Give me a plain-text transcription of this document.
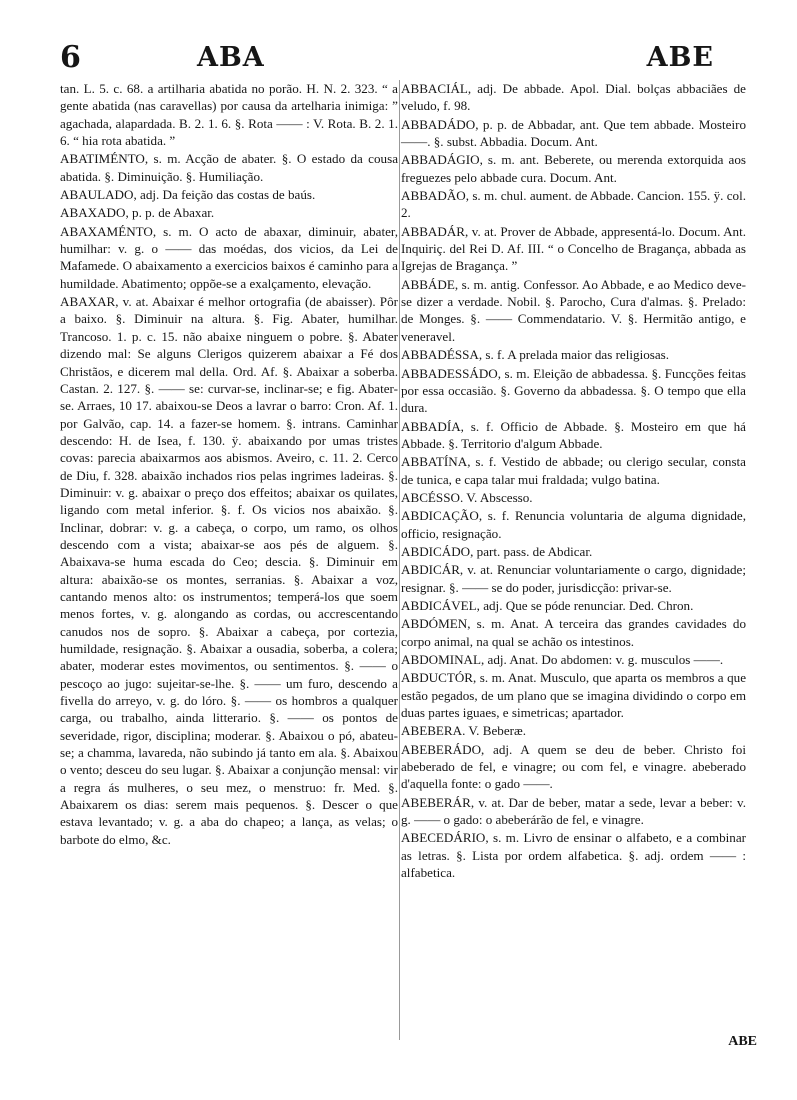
6	ABA	ABE

tan. L. 5. c. 68. a artilharia abatida no porão. H. N. 2. 323. “ a gente abatida (nas caravellas) por causa da artelharia inimiga: ” agachada, alapardada. B. 2. 1. 6. §. Rota —— : V. Rota. B. 2. 1. 6. “ hia rota abatida. ”

ABATIMÉNTO, s. m. Acção de abater. §. O estado da cousa abatida. §. Diminuição. §. Humiliação.

ABAULADO, adj. Da feição das costas de baús.

ABAXADO, p. p. de Abaxar.

ABAXAMÉNTO, s. m. O acto de abaxar, diminuir, abater, humilhar: v. g. o —— das moédas, dos vicios, da Lei de Mafamede. O abaixamento a exercicios baixos é caminho para a humildade. Abatimento; oppõe-se a exalçamento, elevação.

ABAXAR, v. at. Abaixar é melhor ortografia (de abaisser). Pôr a baixo. §. Diminuir na altura. §. Fig. Abater, humilhar. Trancoso. 1. p. c. 15. não abaixe ninguem o pobre. §. Abater dizendo mal: Se alguns Clerigos quizerem abaixar a Fé dos Christãos, e dicerem mal della. Ord. Af. §. Abaixar a soberba. Castan. 2. 127. §. —— se: curvar-se, inclinar-se; e fig. Abater-se. Arraes, 10 17. abaixou-se Deos a lavrar o barro: Cron. Af. 1. por Galvão, cap. 14. a fazer-se homem. §. intrans. Caminhar descendo: H. de Isea, f. 130. ÿ. abaixando por umas tristes covas: parecia abaixarmos aos abismos. Aveiro, c. 11. 2. Cerco de Diu, f. 328. abaixão inchados rios pelas ingrimes ladeiras. §. Diminuir: v. g. abaixar o preço dos effeitos; abaixar os quilates, ligando com metal inferior. §. f. Os vicios nos abaixão. §. Inclinar, dobrar: v. g. a cabeça, o corpo, um ramo, os olhos descendo com a vista; abaixar-se aos pés de alguem. §. Abaixava-se huma escada do Ceo; descia. §. Diminuir em altura: abaixão-se os montes, serranias. §. Abaixar a voz, cantando menos alto: os instrumentos; temperá-los que soem menos fortes, v. g. alongando as cordas, ou accrescentando canudos nos de sopro. §. Abaixar a cabeça, por cortezia, humildade, resignação. §. Abaixar a ousadia, soberba, a colera; abater, moderar estes movimentos, ou sentimentos. §. —— o pescoço ao jugo: sujeitar-se-lhe. §. —— um furo, descendo a fivella do arreyo, v. g. do lóro. §. —— os hombros a qualquer carga, ou trabalho, ainda litterario. §. —— os pontos de severidade, rigor, disciplina; moderar. §. Abaixou o pó, abateu-se; a chamma, lavareda, não subindo já tanto em ala. §. Abaixou o vento; desceu do seu lugar. §. Abaixar a conjunção mensal: vir a regra ás mulheres, o seu mez, o menstruo: fr. Med. §. Abaixarem os dias: serem mais pequenos. §. Descer o que estava levantado; v. g. a aba do chapeo; a lança, as velas; o barbote do elmo, &c.

ABBACIÁL, adj. De abbade. Apol. Dial. bolças abbaciães de veludo, f. 98.

ABBADÁDO, p. p. de Abbadar, ant. Que tem abbade. Mosteiro ——. §. subst. Abbadia. Docum. Ant.

ABBADÁGIO, s. m. ant. Beberete, ou merenda extorquida aos freguezes pelo abbade cura. Docum. Ant.

ABBADÃO, s. m. chul. aument. de Abbade. Cancion. 155. ÿ. col. 2.

ABBADÁR, v. at. Prover de Abbade, appresentá-lo. Docum. Ant. Inquiriç. del Rei D. Af. III. “ o Concelho de Bragança, abbada as Igrejas de Bragança. ”

ABBÁDE, s. m. antig. Confessor. Ao Abbade, e ao Medico deve-se dizer a verdade. Nobil. §. Parocho, Cura d'almas. §. Prelado: de Monges. §. —— Commendatario. V. §. Hermitão antigo, e veneravel.

ABBADÉSSA, s. f. A prelada maior das religiosas.

ABBADESSÁDO, s. m. Eleição de abbadessa. §. Funcções feitas por essa occasião. §. Governo da abbadessa. §. O tempo que ella dura.

ABBADÍA, s. f. Officio de Abbade. §. Mosteiro em que há Abbade. §. Territorio d'algum Abbade.

ABBATÍNA, s. f. Vestido de abbade; ou clerigo secular, consta de tunica, e capa talar mui fraldada; vulgo batina.

ABCÉSSO. V. Abscesso.

ABDICAÇÃO, s. f. Renuncia voluntaria de alguma dignidade, officio, resignação.

ABDICÁDO, part. pass. de Abdicar.

ABDICÁR, v. at. Renunciar voluntariamente o cargo, dignidade; resignar. §. —— se do poder, jurisdicção: privar-se.

ABDICÁVEL, adj. Que se póde renunciar. Ded. Chron.

ABDÓMEN, s. m. Anat. A terceira das grandes cavidades do corpo animal, na qual se achão os intestinos.

ABDOMINAL, adj. Anat. Do abdomen: v. g. musculos ——.

ABDUCTÓR, s. m. Anat. Musculo, que aparta os membros a que estão pegados, de um plano que se imagina dividindo o corpo em duas partes iguaes, e simetricas; apartador.

ABEBERA. V. Beberæ.

ABEBERÁDO, adj. A quem se deu de beber. Christo foi abeberado de fel, e vinagre; ou com fel, e vinagre. abeberado d'aquella fonte: o gado ——.

ABEBERÁR, v. at. Dar de beber, matar a sede, levar a beber: v. g. —— o gado: o abeberárão de fel, e vinagre.

ABECEDÁRIO, s. m. Livro de ensinar o alfabeto, e a combinar as letras. §. Lista por ordem alfabetica. §. adj. ordem —— : alfabetica.

ABE
